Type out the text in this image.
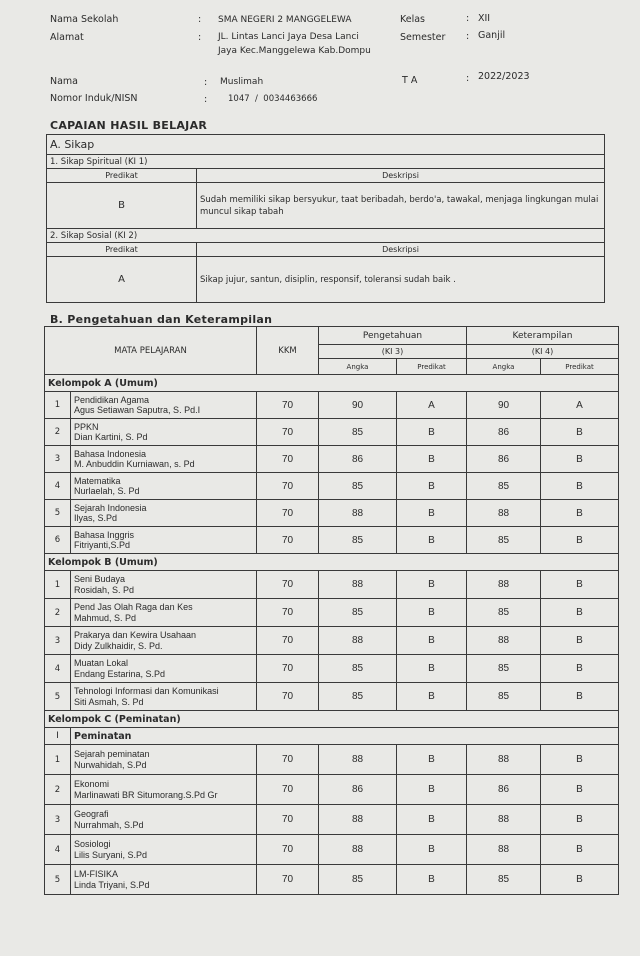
Nama Sekolah	: SMA NEGERI 2 MANGGELEWA	Kelas	: XII
Alamat	: JL. Lintas Lanci Jaya Desa Lanci
Jaya Kec.Manggelewa Kab.Dompu
Semester : Ganjil
Nama	: Muslimah	T A	: 2022/2023
Nomor Induk/NISN	: 1047  /  0034463666
CAPAIAN HASIL BELAJAR
A. Sikap	
1. Sikap Spiritual (KI 1)	
Predikat	Deskripsi
B	Sudah memiliki sikap bersyukur, taat beribadah, berdo'a, tawakal, menjaga lingkungan mulai muncul sikap tabah
2. Sikap Sosial (KI 2)	
Predikat	Deskripsi
A	Sikap jujur, santun, disiplin, responsif, toleransi sudah baik .
B. Pengetahuan dan Keterampilan
MATA PELAJARAN		KKM	Pengetahuan		Keterampilan	
			(KI 3)		(KI 4)	
			Angka	Predikat	Angka	Predikat
Kelompok A (Umum)						
1	Pendidikan Agama
Agus Setiawan Saputra, S. Pd.I	70	90	A	90	A
2	PPKN
Dian Kartini, S. Pd	70	85	B	86	B
3	Bahasa Indonesia
M. Anbuddin Kurniawan, s. Pd	70	86	B	86	B
4	Matematika
Nurlaelah, S. Pd	70	85	B	85	B
5	Sejarah Indonesia
Ilyas, S.Pd	70	88	B	88	B
6	Bahasa Inggris
Fitriyanti,S.Pd	70	85	B	85	B
Kelompok B (Umum)						
1	Seni Budaya
Rosidah, S. Pd	70	88	B	88	B
2	Pend Jas Olah Raga dan Kes
Mahmud, S. Pd	70	85	B	85	B
3	Prakarya dan Kewira Usahaan
Didy Zulkhaidir, S. Pd.	70	88	B	88	B
4	Muatan Lokal
Endang Estarina, S.Pd	70	85	B	85	B
5	Tehnologi Informasi dan Komunikasi
Siti Asmah, S. Pd	70	85	B	85	B
Kelompok C (Peminatan)						
I	Peminatan					
1	Sejarah peminatan
Nurwahidah, S.Pd	70	88	B	88	B
2	Ekonomi
Marlinawati BR Situmorang.S.Pd Gr	70	86	B	86	B
3	Geografi
Nurrahmah, S.Pd	70	88	B	88	B
4	Sosiologi
Lilis Suryani, S.Pd	70	88	B	88	B
5	LM-FISIKA
Linda Triyani, S.Pd	70	85	B	85	B
